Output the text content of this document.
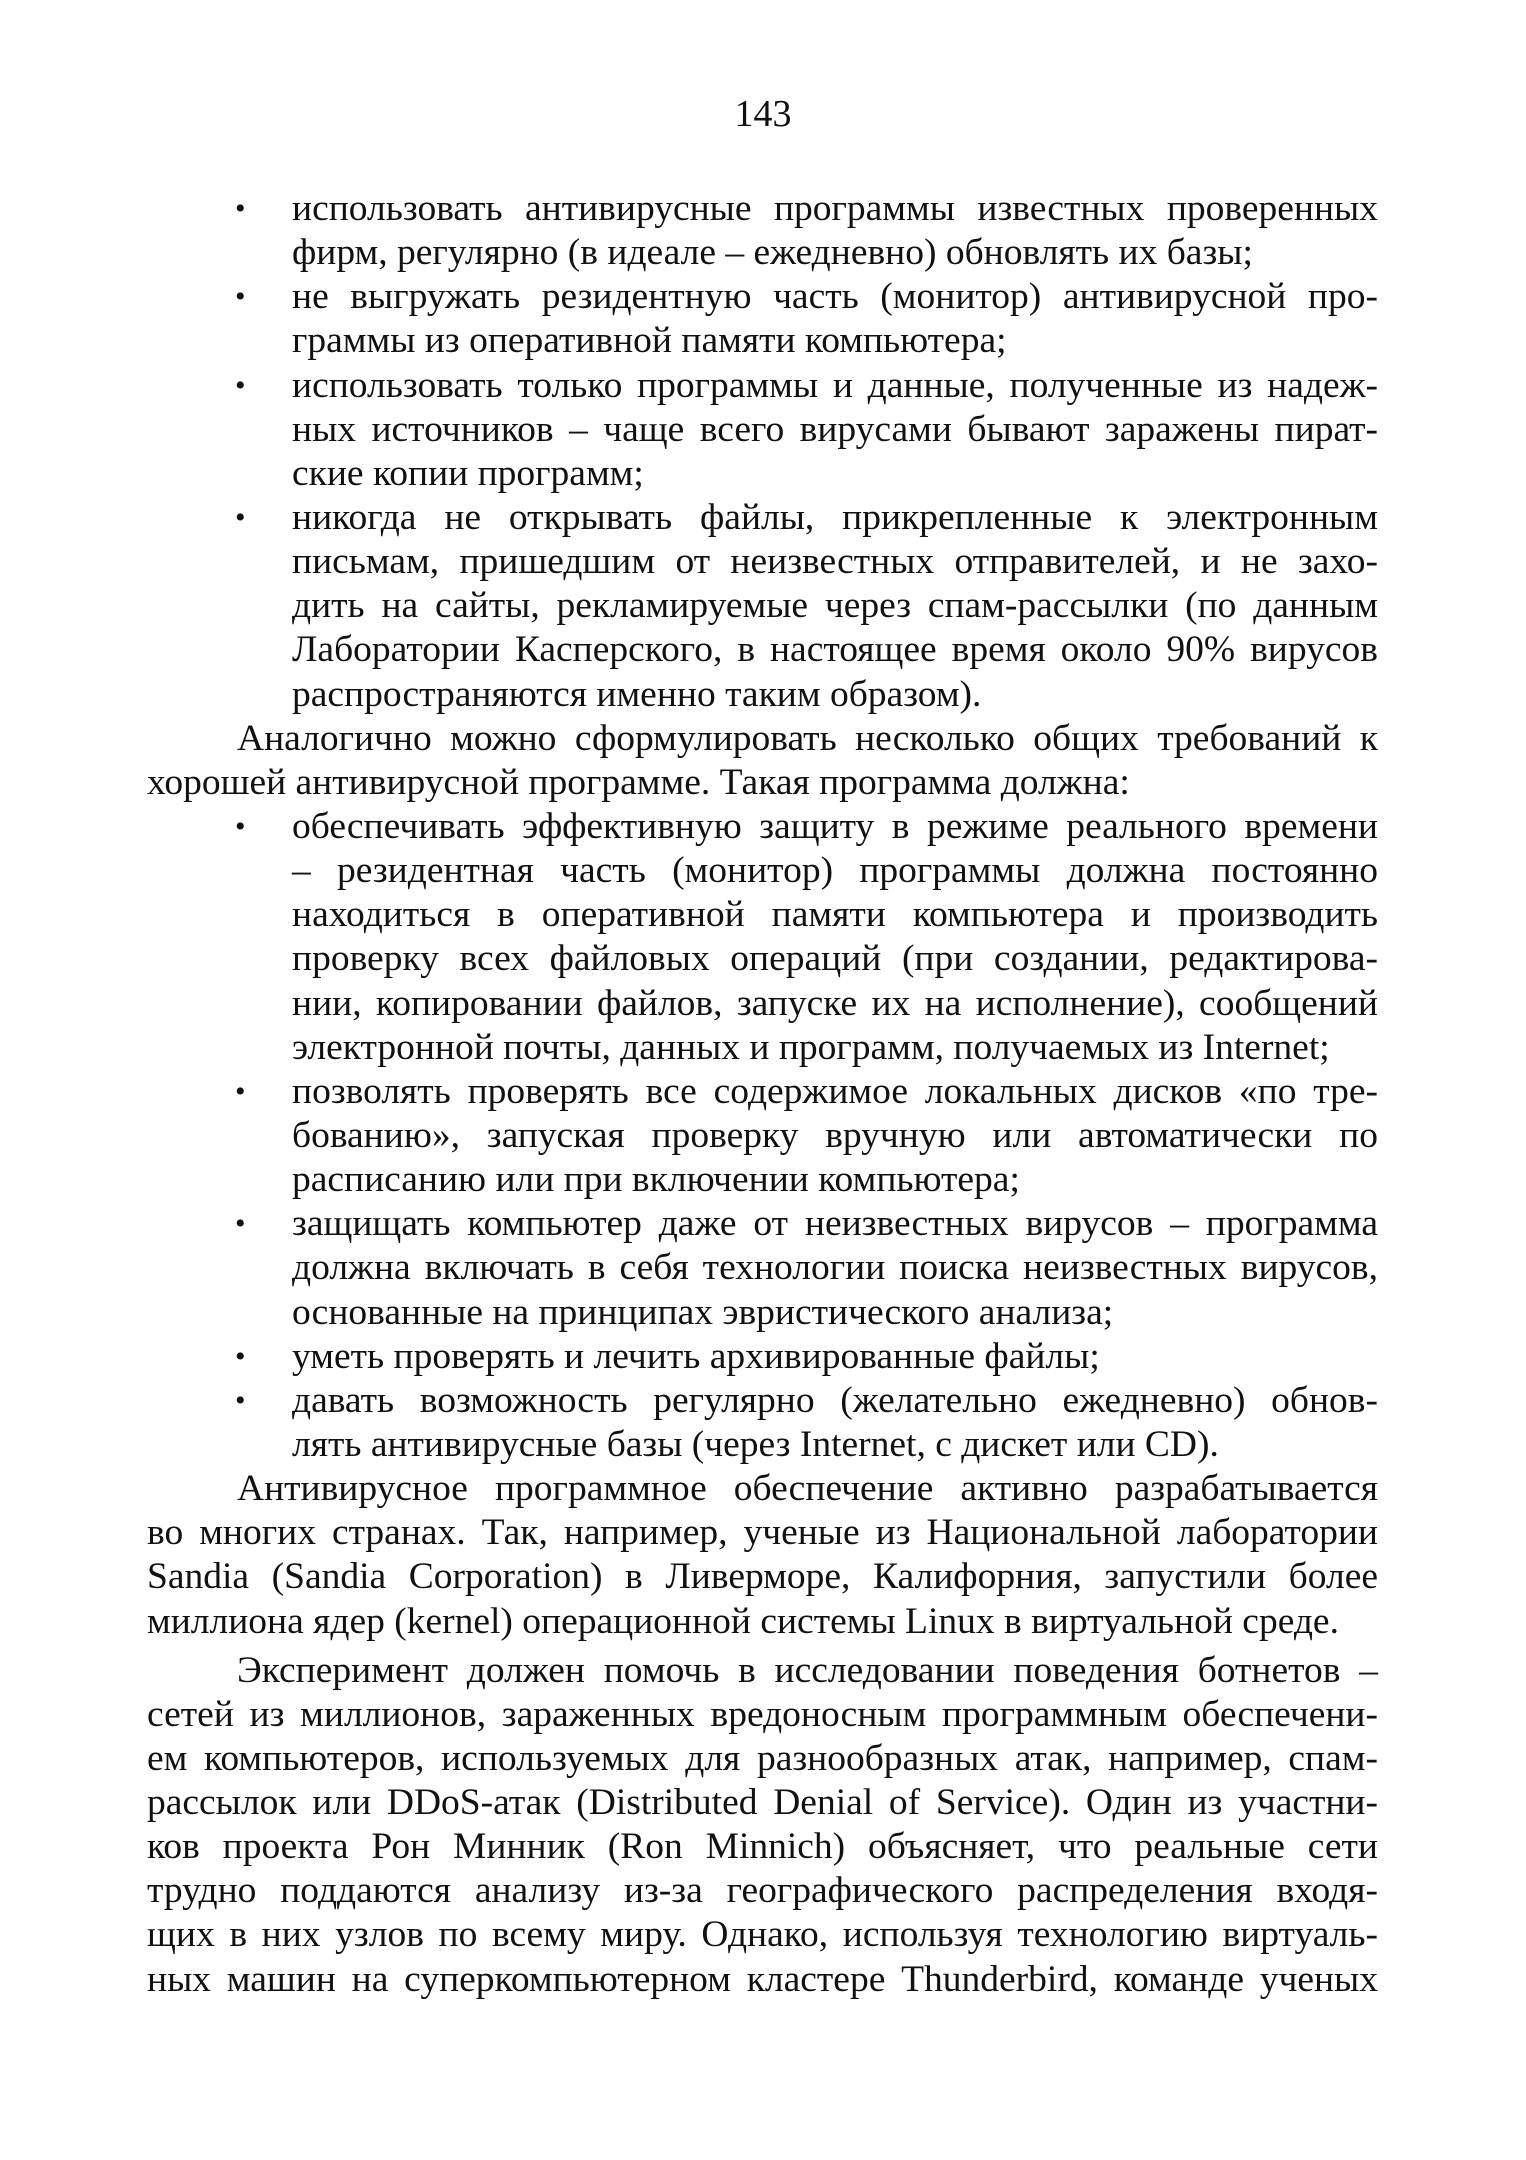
143
• использовать антивирусные программы известных проверенных
фирм, регулярно (в идеале – ежедневно) обновлять их базы;
• не выгружать резидентную часть (монитор) антивирусной про-
граммы из оперативной памяти компьютера;
• использовать только программы и данные, полученные из надеж-
ных источников – чаще всего вирусами бывают заражены пират-
ские копии программ;
• никогда не открывать файлы, прикрепленные к электронным
письмам, пришедшим от неизвестных отправителей, и не захо-
дить на сайты, рекламируемые через спам-рассылки (по данным
Лаборатории Касперского, в настоящее время около 90% вирусов
распространяются именно таким образом).
Аналогично можно сформулировать несколько общих требований к
хорошей антивирусной программе. Такая программа должна:
• обеспечивать эффективную защиту в режиме реального времени
– резидентная часть (монитор) программы должна постоянно
находиться в оперативной памяти компьютера и производить
проверку всех файловых операций (при создании, редактирова-
нии, копировании файлов, запуске их на исполнение), сообщений
электронной почты, данных и программ, получаемых из Internet;
• позволять проверять все содержимое локальных дисков «по тре-
бованию», запуская проверку вручную или автоматически по
расписанию или при включении компьютера;
• защищать компьютер даже от неизвестных вирусов – программа
должна включать в себя технологии поиска неизвестных вирусов,
основанные на принципах эвристического анализа;
• уметь проверять и лечить архивированные файлы;
• давать возможность регулярно (желательно ежедневно) обнов-
лять антивирусные базы (через Internet, с дискет или CD).
Антивирусное программное обеспечение активно разрабатывается
во многих странах. Так, например, ученые из Национальной лаборатории
Sandia (Sandia Corporation) в Ливерморе, Калифорния, запустили более
миллиона ядер (kernel) операционной системы Linux в виртуальной среде.
Эксперимент должен помочь в исследовании поведения ботнетов –
сетей из миллионов, зараженных вредоносным программным обеспечени-
ем компьютеров, используемых для разнообразных атак, например, спам-
рассылок или DDoS-атак (Distributed Denial of Service). Один из участни-
ков проекта Рон Минник (Ron Minnich) объясняет, что реальные сети
трудно поддаются анализу из-за географического распределения входя-
щих в них узлов по всему миру. Однако, используя технологию виртуаль-
ных машин на суперкомпьютерном кластере Thunderbird, команде ученых
